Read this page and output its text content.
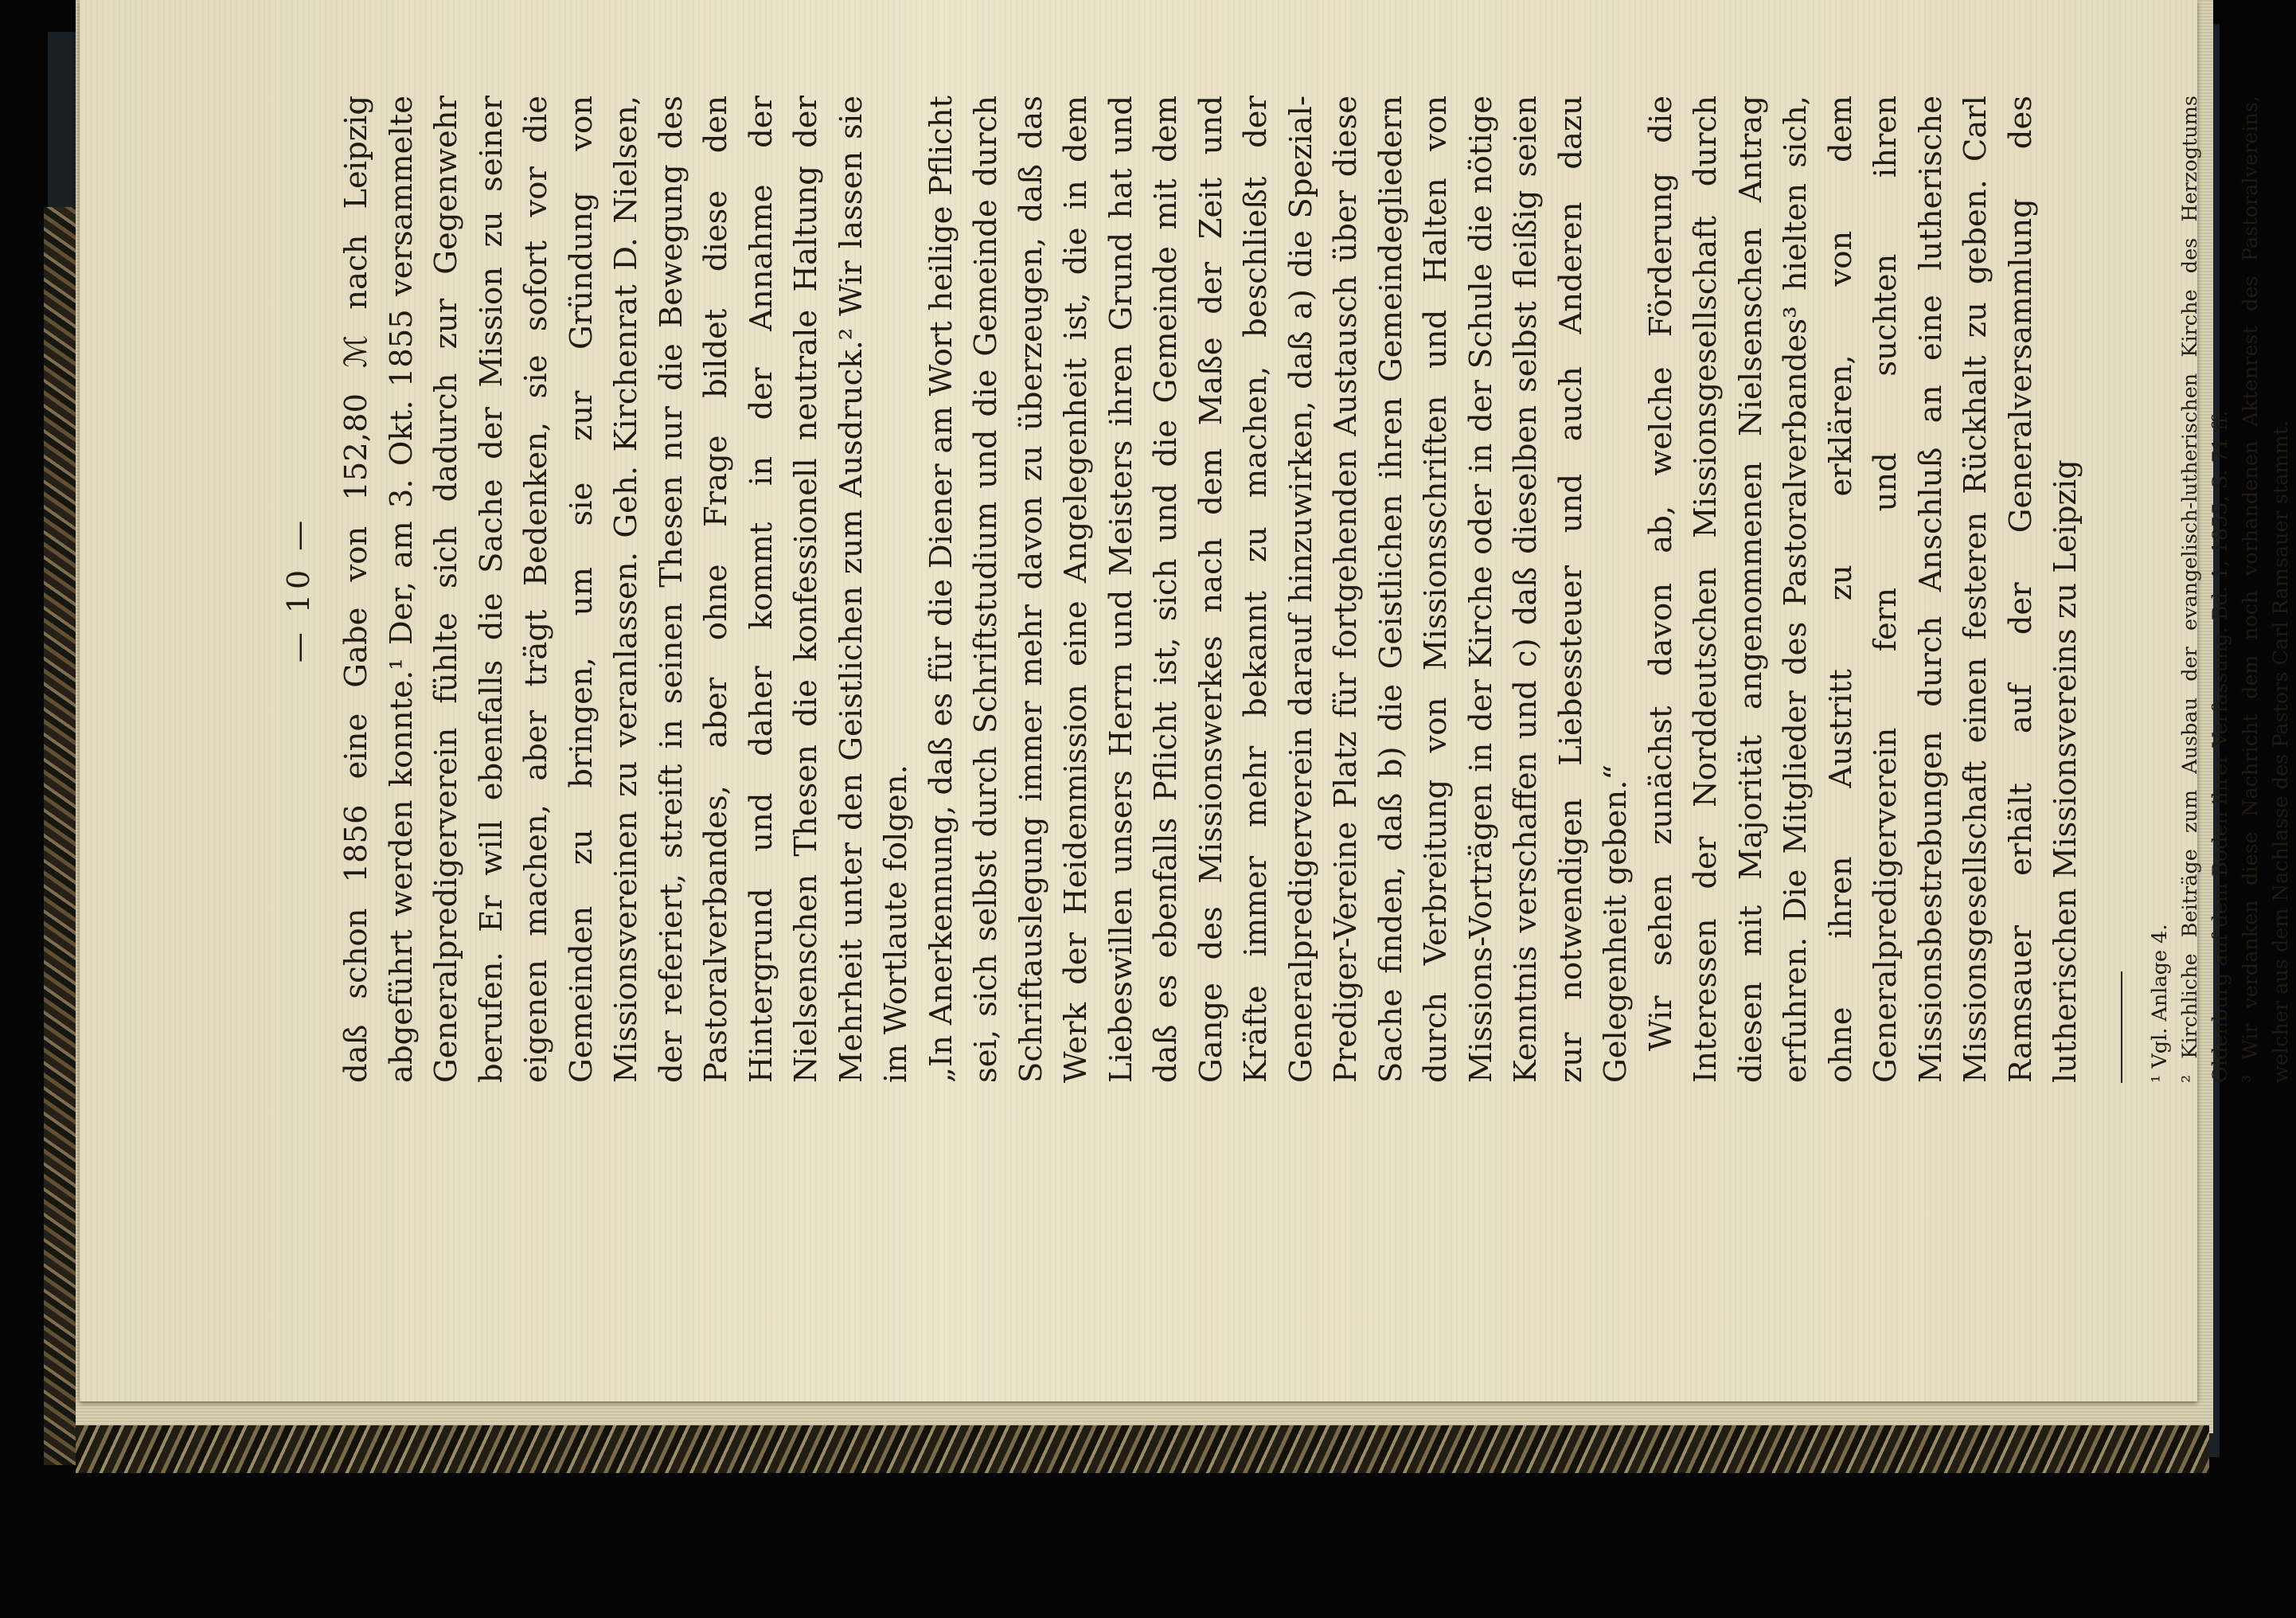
— 10 — daß schon 1856 eine Gabe von 152,80 ℳ nach Leipzig abgeführt werden konnte.¹ Der, am 3. Okt. 1855 versammelte Generalpredigerverein fühlte sich dadurch zur Gegenwehr berufen. Er will ebenfalls die Sache der Mission zu seiner eigenen machen, aber trägt Bedenken, sie sofort vor die Gemeinden zu bringen, um sie zur Gründung von Missionsvereinen zu veranlassen. Geh. Kirchenrat D. Nielsen, der referiert, streift in seinen Thesen nur die Bewegung des Pastoralverbandes, aber ohne Frage bildet diese den Hintergrund und daher kommt in der Annahme der Nielsenschen Thesen die konfessionell neutrale Haltung der Mehrheit unter den Geistlichen zum Ausdruck.² Wir lassen sie im Wortlaute folgen. „In Anerkennung, daß es für die Diener am Wort heilige Pflicht sei, sich selbst durch Schriftstudium und die Gemeinde durch Schriftauslegung immer mehr davon zu überzeugen, daß das Werk der Heidenmission eine Angelegenheit ist, die in dem Liebeswillen unsers Herrn und Meisters ihren Grund hat und daß es ebenfalls Pflicht ist, sich und die Gemeinde mit dem Gange des Missionswerkes nach dem Maße der Zeit und Kräfte immer mehr bekannt zu machen, beschließt der Generalpredigerverein darauf hinzuwirken, daß a) die Spezial-Prediger-Vereine Platz für fortgehenden Austausch über diese Sache finden, daß b) die Geistlichen ihren Gemeindegliedern durch Verbreitung von Missionsschriften und Halten von Missions-Vorträgen in der Kirche oder in der Schule die nötige Kenntnis verschaffen und c) daß dieselben selbst fleißig seien zur notwendigen Liebessteuer und auch Anderen dazu Gelegenheit geben.“ Wir sehen zunächst davon ab, welche Förderung die Interessen der Norddeutschen Missionsgesellschaft durch diesen mit Majorität angenommenen Nielsenschen Antrag erfuhren. Die Mitglieder des Pastoralverbandes³ hielten sich, ohne ihren Austritt zu erklären, von dem Generalpredigerverein fern und suchten ihren Missionsbestrebungen durch Anschluß an eine lutherische Missionsgesellschaft einen festeren Rückhalt zu geben. Carl Ramsauer erhält auf der Generalversammlung des lutherischen Missionsvereins zu Leipzig	¹ Vgl. Anlage 4. ² Kirchliche Beiträge zum Ausbau der evangelisch-lutherischen Kirche des Herzogtums Oldenburg auf dem Boden ihrer Verfassung. Bd. 1, 1855, S. 71 ff. ³ Wir verdanken diese Nachricht dem noch vorhandenen Aktenrest des Pastoralvereins, welcher aus dem Nachlasse des Pastors Carl Ramsauer stammt.
